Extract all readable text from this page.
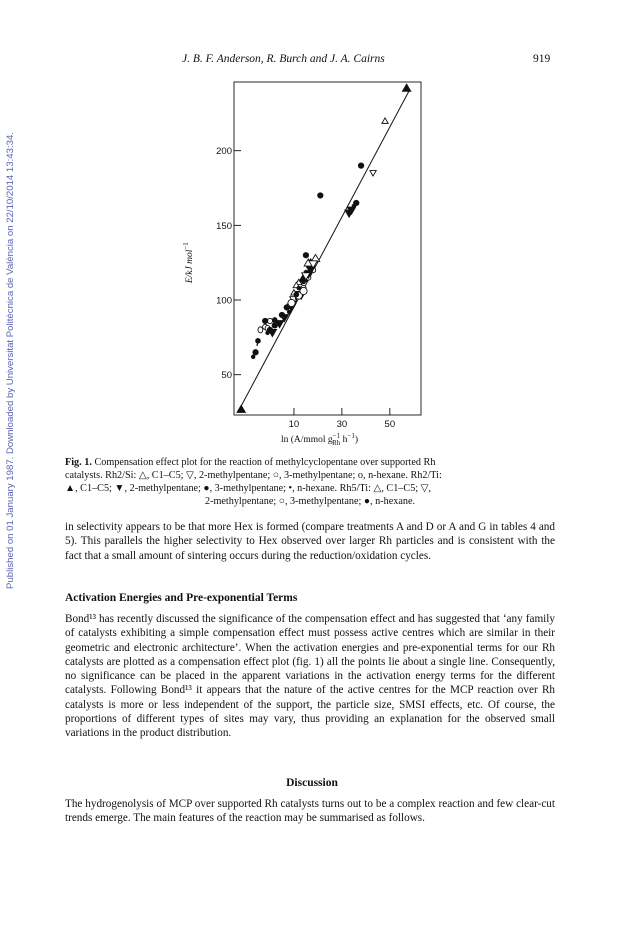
Published on 01 January 1987. Downloaded by Universitat Politècnica de València on 22/10/2014 13:43:34.
J. B. F. Anderson, R. Burch and J. A. Cairns	919
50
100
150
200
10	30	50
E/kJ mol$^{-1}$
ln (A/mmol $g^{-1}$ Rh $h^{-1}$)
Fig. 1. Compensation effect plot for the reaction of methylcyclopentane over supported Rh
catalysts. Rh2/Si: △, C1–C5; ▽, 2-methylpentane; ○, 3-methylpentane; o, n-hexane. Rh2/Ti:
▲, C1–C5; ▼, 2-methylpentane; ●, 3-methylpentane; •, n-hexane. Rh5/Ti: △, C1–C5; ▽,
2-methylpentane; ○, 3-methylpentane; ●, n-hexane.
in selectivity appears to be that more Hex is formed (compare treatments A and D or A and G in tables 4 and 5). This parallels the higher selectivity to Hex observed over larger Rh particles and is consistent with the fact that a small amount of sintering occurs during the reduction/oxidation cycles.
Activation Energies and Pre-exponential Terms
Bond¹³ has recently discussed the significance of the compensation effect and has suggested that ‘any family of catalysts exhibiting a simple compensation effect must possess active centres which are similar in their geometric and electronic architecture’. When the activation energies and pre-exponential terms for our Rh catalysts are plotted as a compensation effect plot (fig. 1) all the points lie about a single line. Consequently, no significance can be placed in the apparent variations in the activation energy terms for the different catalysts. Following Bond¹³ it appears that the nature of the active centres for the MCP reaction over Rh catalysts is more or less independent of the support, the particle size, SMSI effects, etc. Of course, the proportions of different types of sites may vary, thus providing an explanation for the observed small variations in the product distribution.
Discussion
The hydrogenolysis of MCP over supported Rh catalysts turns out to be a complex reaction and few clear-cut trends emerge. The main features of the reaction may be summarised as follows.
